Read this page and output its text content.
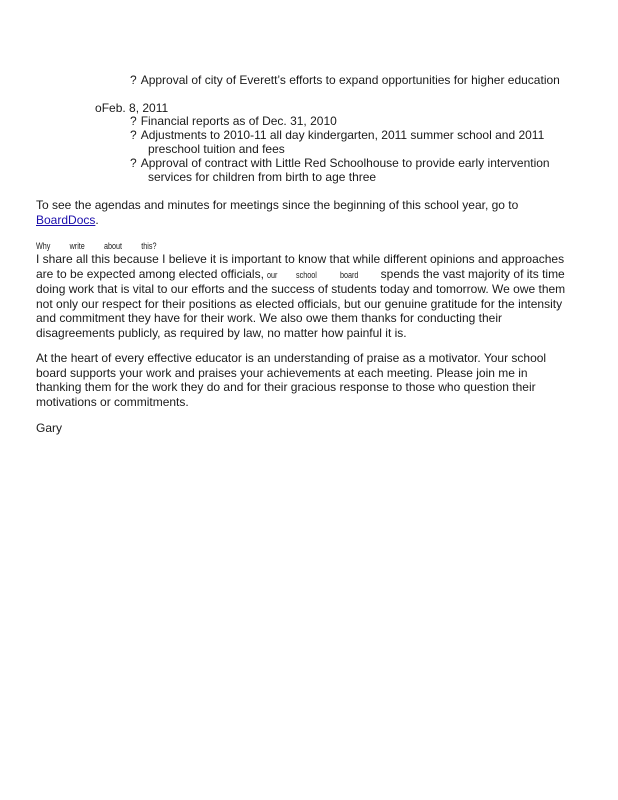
? Approval of city of Everett’s efforts to expand opportunities for higher education
oFeb. 8, 2011
? Financial reports as of Dec. 31, 2010
? Adjustments to 2010-11 all day kindergarten, 2011 summer school and 2011
preschool tuition and fees
? Approval of contract with Little Red Schoolhouse to provide early intervention
services for children from birth to age three
To see the agendas and minutes for meetings since the beginning of this school year, go to
BoardDocs.
Why write about this?
I share all this because I believe it is important to know that while different opinions and approaches
are to be expected among elected officials, our school	board spends the vast majority of its time
doing work that is vital to our efforts and the success of students today and tomorrow. We owe them
not only our respect for their positions as elected officials, but our genuine gratitude for the intensity
and commitment they have for their work. We also owe them thanks for conducting their
disagreements publicly, as required by law, no matter how painful it is.
At the heart of every effective educator is an understanding of praise as a motivator. Your school
board supports your work and praises your achievements at each meeting. Please join me in
thanking them for the work they do and for their gracious response to those who question their
motivations or commitments.
Gary
